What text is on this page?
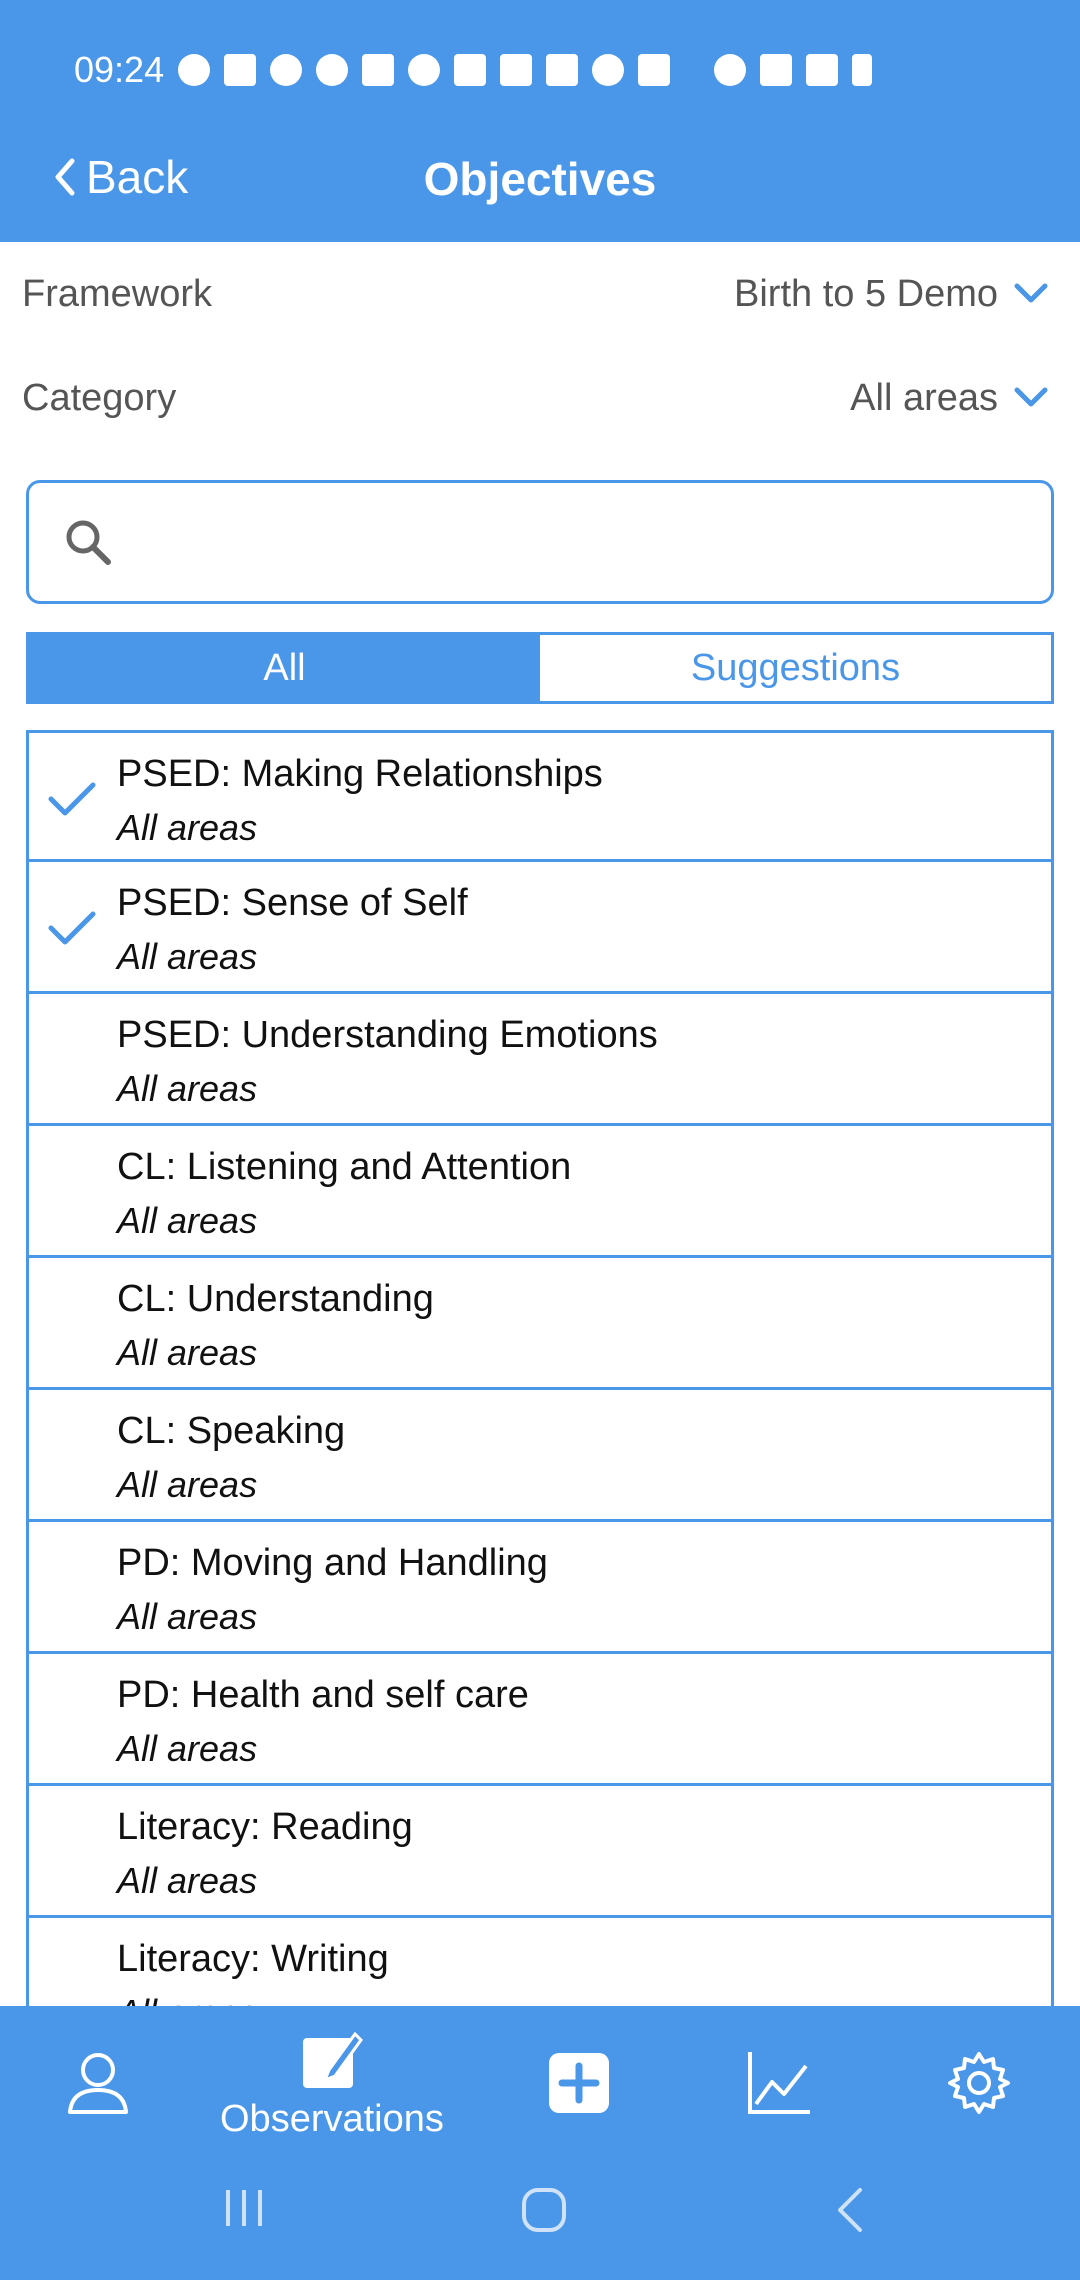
09:24
Back	Objectives
Framework	Birth to 5 Demo
Category	All areas
All	Suggestions
PSED: Making Relationships
All areas
PSED: Sense of Self
All areas
PSED: Understanding Emotions
All areas
CL: Listening and Attention
All areas
CL: Understanding
All areas
CL: Speaking
All areas
PD: Moving and Handling
All areas
PD: Health and self care
All areas
Literacy: Reading
All areas
Literacy: Writing
Observations
